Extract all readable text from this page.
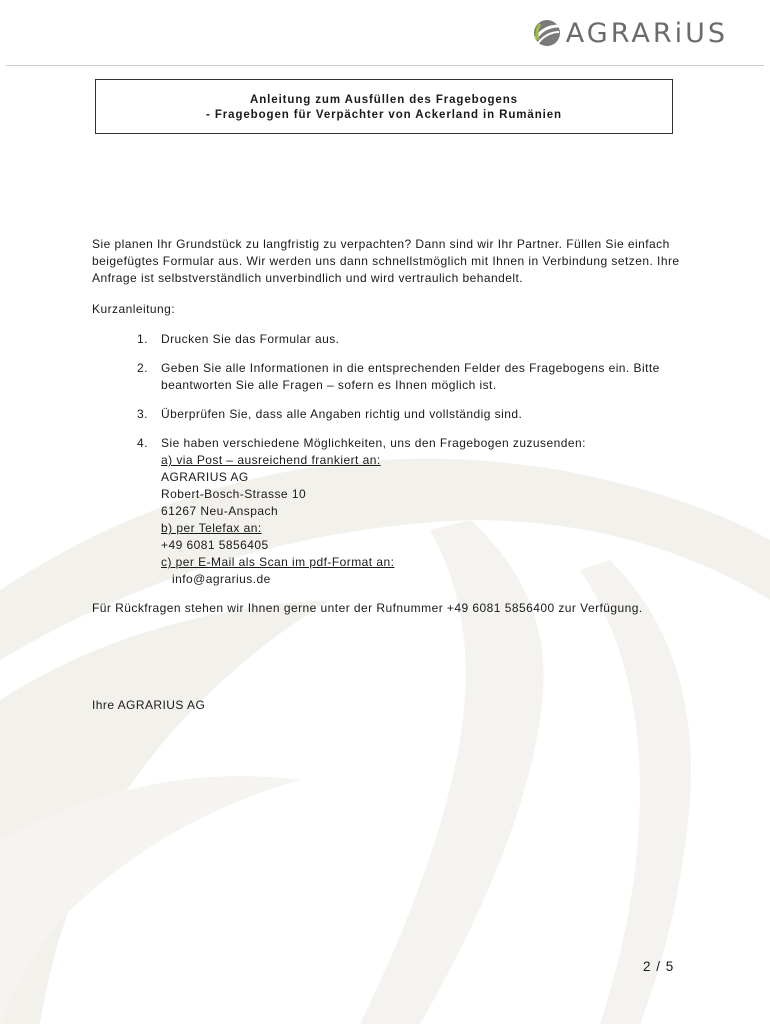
AGRARiUS
Anleitung zum Ausfüllen des Fragebogens
- Fragebogen für Verpächter von Ackerland in Rumänien

Sie planen Ihr Grundstück zu langfristig zu verpachten? Dann sind wir Ihr Partner. Füllen Sie einfach beigefügtes Formular aus. Wir werden uns dann schnellstmöglich mit Ihnen in Verbindung setzen. Ihre Anfrage ist selbstverständlich unverbindlich und wird vertraulich behandelt.

Kurzanleitung:

1. Drucken Sie das Formular aus.
2. Geben Sie alle Informationen in die entsprechenden Felder des Fragebogens ein. Bitte beantworten Sie alle Fragen – sofern es Ihnen möglich ist.
3. Überprüfen Sie, dass alle Angaben richtig und vollständig sind.
4. Sie haben verschiedene Möglichkeiten, uns den Fragebogen zuzusenden:

a) via Post – ausreichend frankiert an:

AGRARIUS AG
Robert-Bosch-Strasse 10
61267 Neu-Anspach

b) per Telefax an:

+49 6081 5856405

c) per E-Mail als Scan im pdf-Format an:

info@agrarius.de

Für Rückfragen stehen wir Ihnen gerne unter der Rufnummer +49 6081 5856400 zur Verfügung.

Ihre AGRARIUS AG

2 / 5
